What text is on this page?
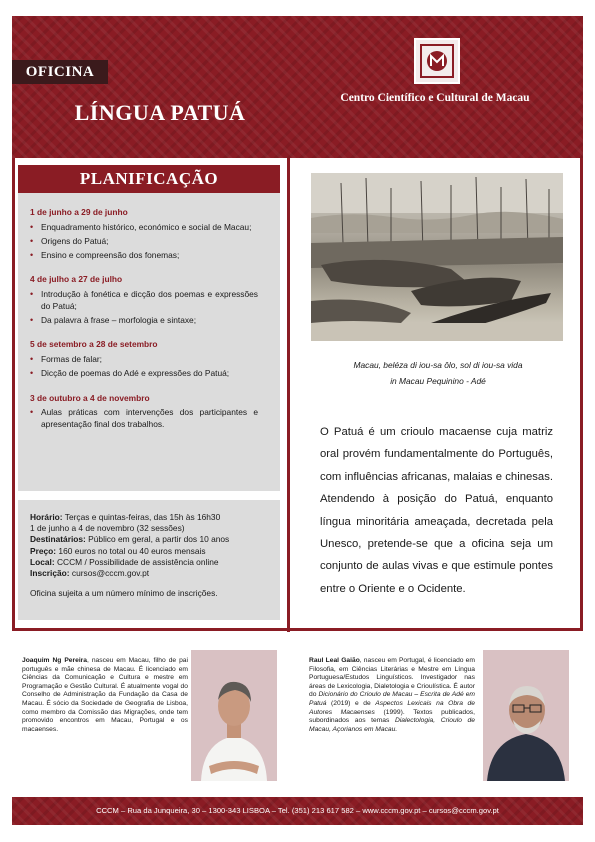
OFICINA
LÍNGUA PATUÁ
Centro Científico e Cultural de Macau
PLANIFICAÇÃO
1 de junho a 29 de junho
• Enquadramento histórico, económico e social de Macau;
• Origens do Patuá;
• Ensino e compreensão dos fonemas;
4 de julho a 27 de julho
• Introdução à fonética e dicção dos poemas e expressões do Patuá;
• Da palavra à frase – morfologia e sintaxe;
5 de setembro a 28 de setembro
• Formas de falar;
• Dicção de poemas do Adé e expressões do Patuá;
3 de outubro a 4 de novembro
• Aulas práticas com intervenções dos participantes e apresentação final dos trabalhos.
Horário: Terças e quintas-feiras, das 15h às 16h30
1 de junho a 4 de novembro (32 sessões)
Destinatários: Público em geral, a partir dos 10 anos
Preço: 160 euros no total ou 40 euros mensais
Local: CCCM / Possibilidade de assistência online
Inscrição: cursos@cccm.gov.pt
Oficina sujeita a um número mínimo de inscrições.
Macau, beléza di iou-sa ôlo, sol di iou-sa vida
in Macau Pequinino - Adé
O Patuá é um crioulo macaense cuja matriz oral provém fundamentalmente do Português, com influências africanas, malaias e chinesas. Atendendo à posição do Patuá, enquanto língua minoritária ameaçada, decretada pela Unesco, pretende-se que a oficina seja um conjunto de aulas vivas e que estimule pontes entre o Oriente e o Ocidente.
Joaquim Ng Pereira, nasceu em Macau, filho de pai português e mãe chinesa de Macau. É licenciado em Ciências da Comunicação e Cultura e mestre em Programação e Gestão Cultural. É atualmente vogal do Conselho de Administração da Fundação da Casa de Macau. É sócio da Sociedade de Geografia de Lisboa, como membro da Comissão das Migrações, onde tem promovido encontros em Macau, Portugal e os macaenses.
Raul Leal Gaião, nasceu em Portugal, é licenciado em Filosofia, em Ciências Literárias e Mestre em Língua Portuguesa/Estudos Linguísticos. Investigador nas áreas de Lexicologia, Dialetologia e Crioulística. É autor do Dicionário do Crioulo de Macau – Escrita de Adé em Patuá (2019) e de Aspectos Lexicais na Obra de Autores Macaenses (1999). Textos publicados, subordinados aos temas Dialectologia, Crioulo de Macau, Açorianos em Macau.
CCCM – Rua da Junqueira, 30 – 1300-343 LISBOA – Tel. (351) 213 617 582 – www.cccm.gov.pt – cursos@cccm.gov.pt
